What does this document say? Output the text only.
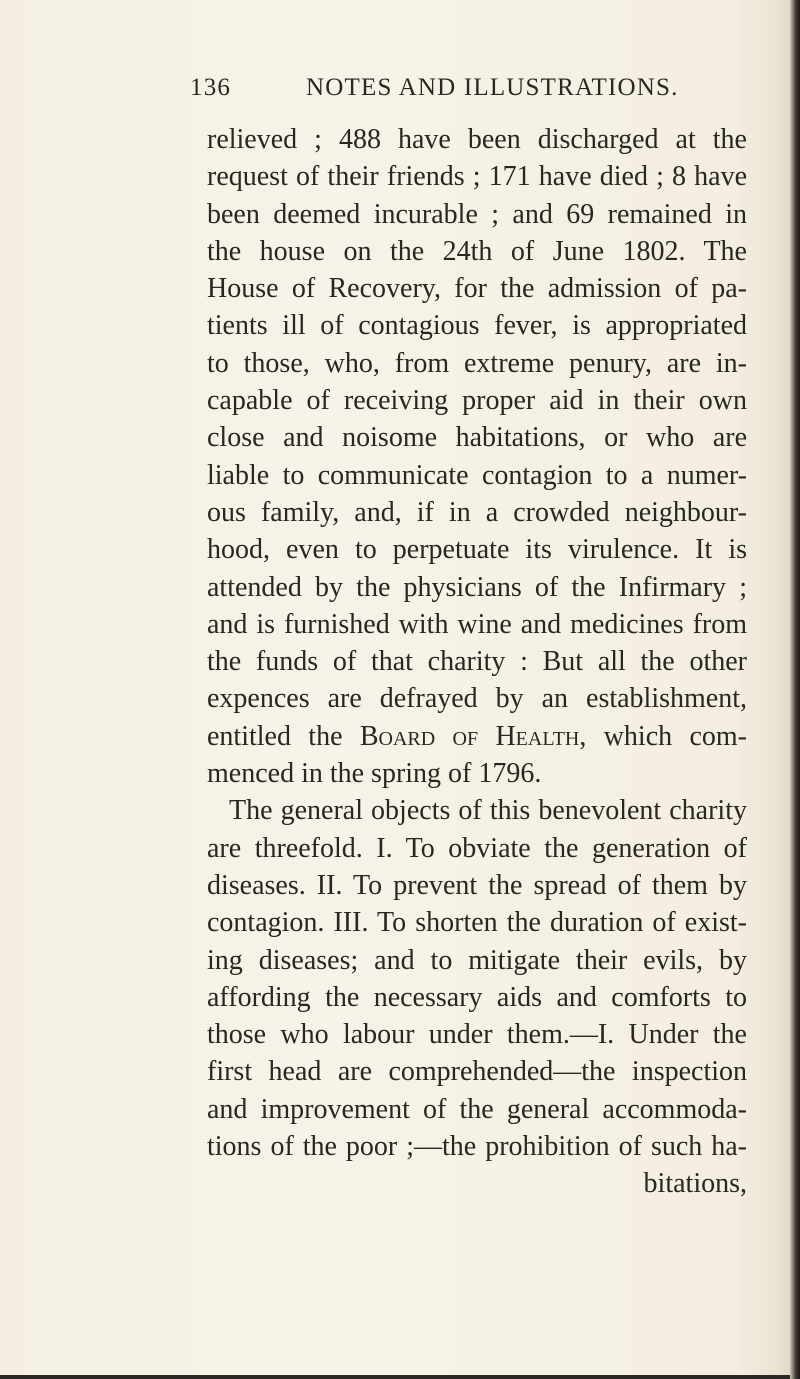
136	NOTES AND ILLUSTRATIONS.
relieved ; 488 have been discharged at the
request of their friends ; 171 have died ; 8 have
been deemed incurable ; and 69 remained in
the house on the 24th of June 1802. The
House of Recovery, for the admission of pa-
tients ill of contagious fever, is appropriated
to those, who, from extreme penury, are in-
capable of receiving proper aid in their own
close and noisome habitations, or who are
liable to communicate contagion to a numer-
ous family, and, if in a crowded neighbour-
hood, even to perpetuate its virulence. It is
attended by the physicians of the Infirmary ;
and is furnished with wine and medicines from
the funds of that charity : But all the other
expences are defrayed by an establishment,
entitled the Board of Health, which com-
menced in the spring of 1796.
The general objects of this benevolent charity
are threefold. I. To obviate the generation of
diseases. II. To prevent the spread of them by
contagion. III. To shorten the duration of exist-
ing diseases; and to mitigate their evils, by
affording the necessary aids and comforts to
those who labour under them.—I. Under the
first head are comprehended—the inspection
and improvement of the general accommoda-
tions of the poor ;—the prohibition of such ha-
bitations,
